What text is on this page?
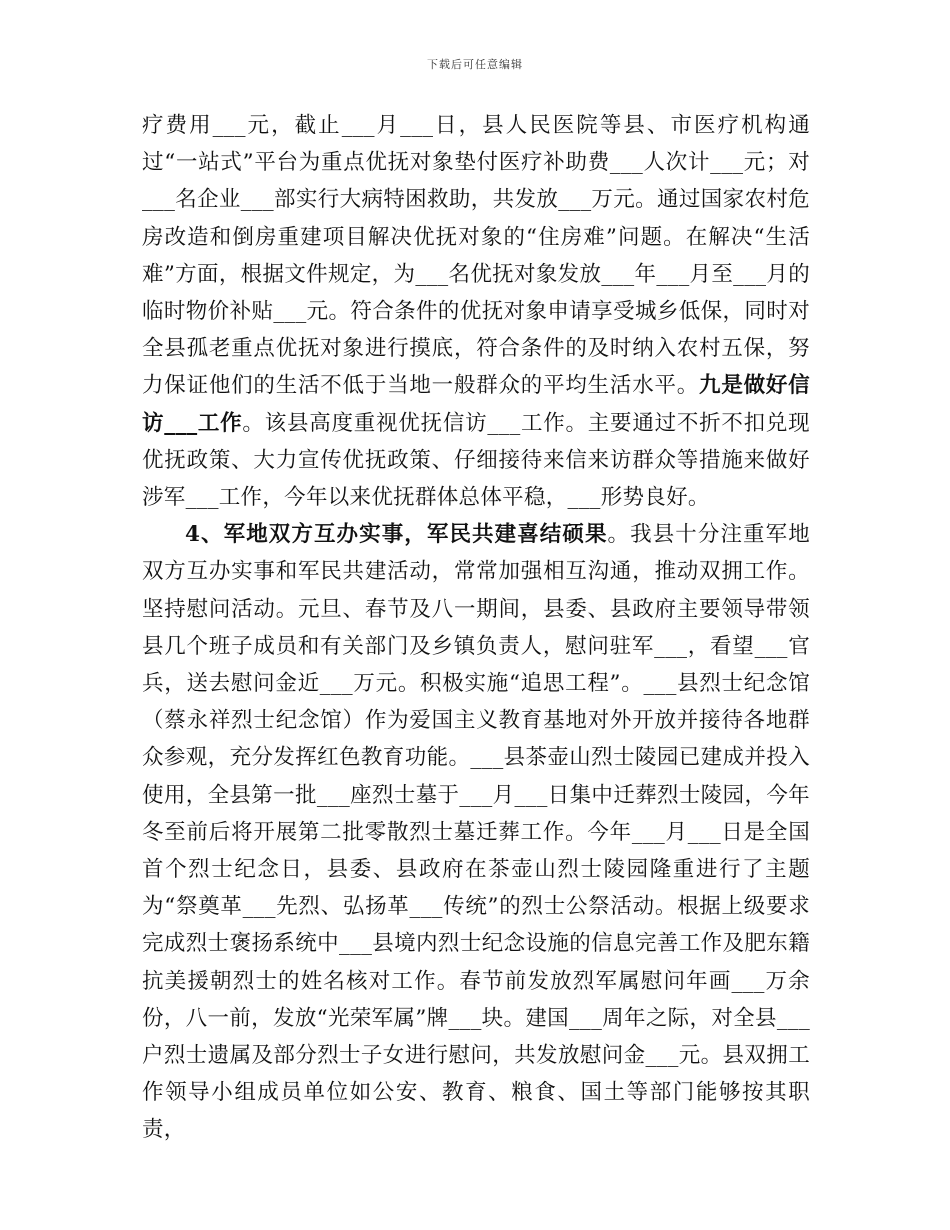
下载后可任意编辑

疗费用___元，截止___月___日，县人民医院等县、市医疗机构通过“一站式”平台为重点优抚对象垫付医疗补助费___人次计___元；对___名企业___部实行大病特困救助，共发放___万元。通过国家农村危房改造和倒房重建项目解决优抚对象的“住房难”问题。在解决“生活难”方面，根据文件规定，为___名优抚对象发放___年___月至___月的临时物价补贴___元。符合条件的优抚对象申请享受城乡低保，同时对全县孤老重点优抚对象进行摸底，符合条件的及时纳入农村五保，努力保证他们的生活不低于当地一般群众的平均生活水平。九是做好信访___工作。该县高度重视优抚信访___工作。主要通过不折不扣兑现优抚政策、大力宣传优抚政策、仔细接待来信来访群众等措施来做好涉军___工作，今年以来优抚群体总体平稳，___形势良好。

4、军地双方互办实事，军民共建喜结硕果。我县十分注重军地双方互办实事和军民共建活动，常常加强相互沟通，推动双拥工作。坚持慰问活动。元旦、春节及八一期间，县委、县政府主要领导带领县几个班子成员和有关部门及乡镇负责人，慰问驻军___，看望___官兵，送去慰问金近___万元。积极实施“追思工程”。___县烈士纪念馆（蔡永祥烈士纪念馆）作为爱国主义教育基地对外开放并接待各地群众参观，充分发挥红色教育功能。___县茶壶山烈士陵园已建成并投入使用，全县第一批___座烈士墓于___月___日集中迁葬烈士陵园，今年冬至前后将开展第二批零散烈士墓迁葬工作。今年___月___日是全国首个烈士纪念日，县委、县政府在茶壶山烈士陵园隆重进行了主题为“祭奠革___先烈、弘扬革___传统”的烈士公祭活动。根据上级要求完成烈士褒扬系统中___县境内烈士纪念设施的信息完善工作及肥东籍抗美援朝烈士的姓名核对工作。春节前发放烈军属慰问年画___万余份，八一前，发放“光荣军属”牌___块。建国___周年之际，对全县___户烈士遗属及部分烈士子女进行慰问，共发放慰问金___元。县双拥工作领导小组成员单位如公安、教育、粮食、国土等部门能够按其职责，
